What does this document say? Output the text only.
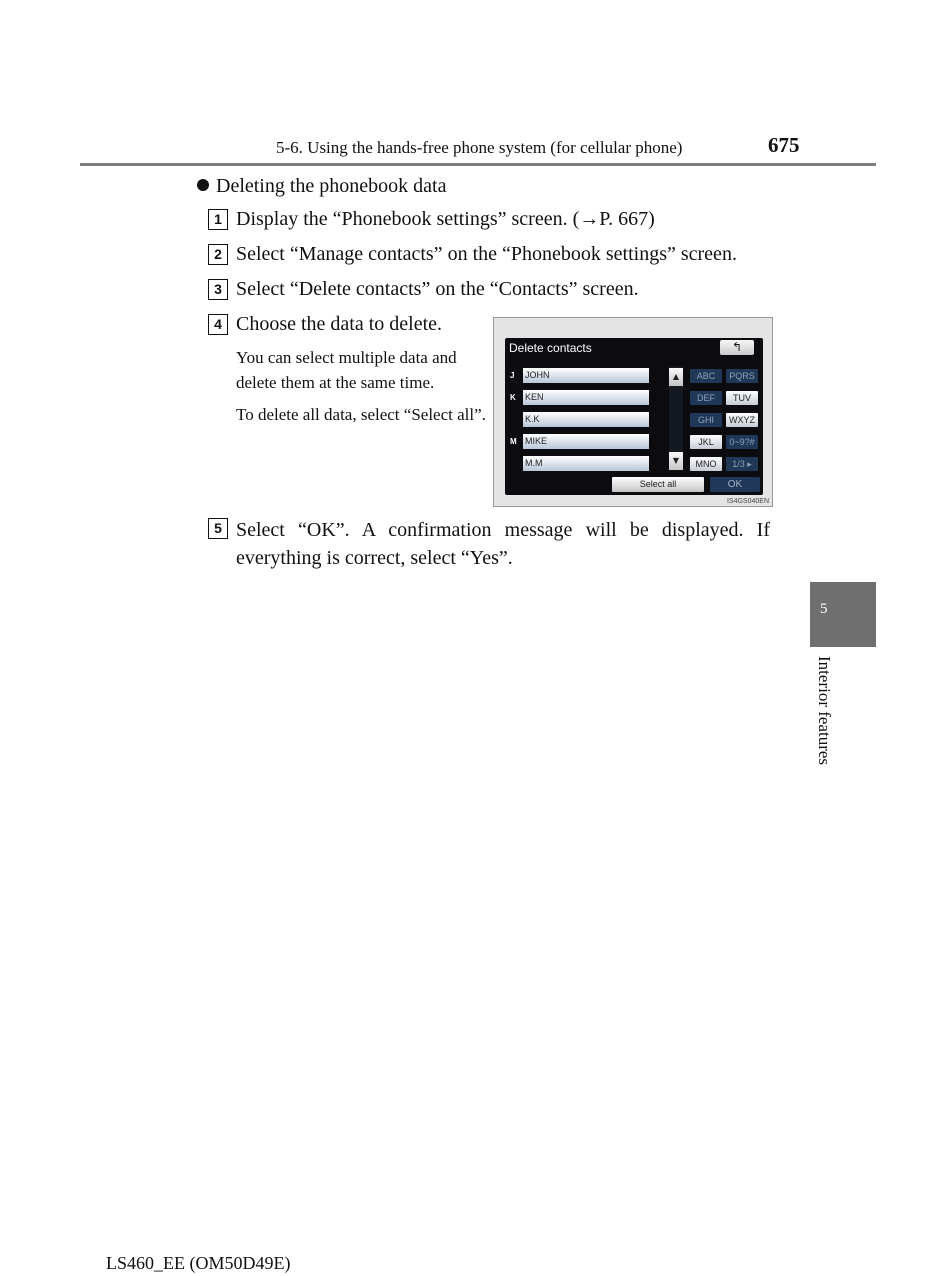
5-6. Using the hands-free phone system (for cellular phone)	675
Deleting the phonebook data
1 Display the “Phonebook settings” screen. (→P. 667)
2 Select “Manage contacts” on the “Phonebook settings” screen.
3 Select “Delete contacts” on the “Contacts” screen.
4 Choose the data to delete.
You can select multiple data and delete them at the same time.
To delete all data, select “Select all”.
5 Select “OK”. A confirmation message will be displayed. If everything is correct, select “Yes”.
Delete contacts	↰
J JOHN
K KEN
K.K
M MIKE
M.M
▲
▼
ABC	PQRS
DEF	TUV
GHI	WXYZ
JKL	0~9?#
MNO	1/3 ▸
Select all	OK
IS4GS040EN
5
Interior features
LS460_EE (OM50D49E)
